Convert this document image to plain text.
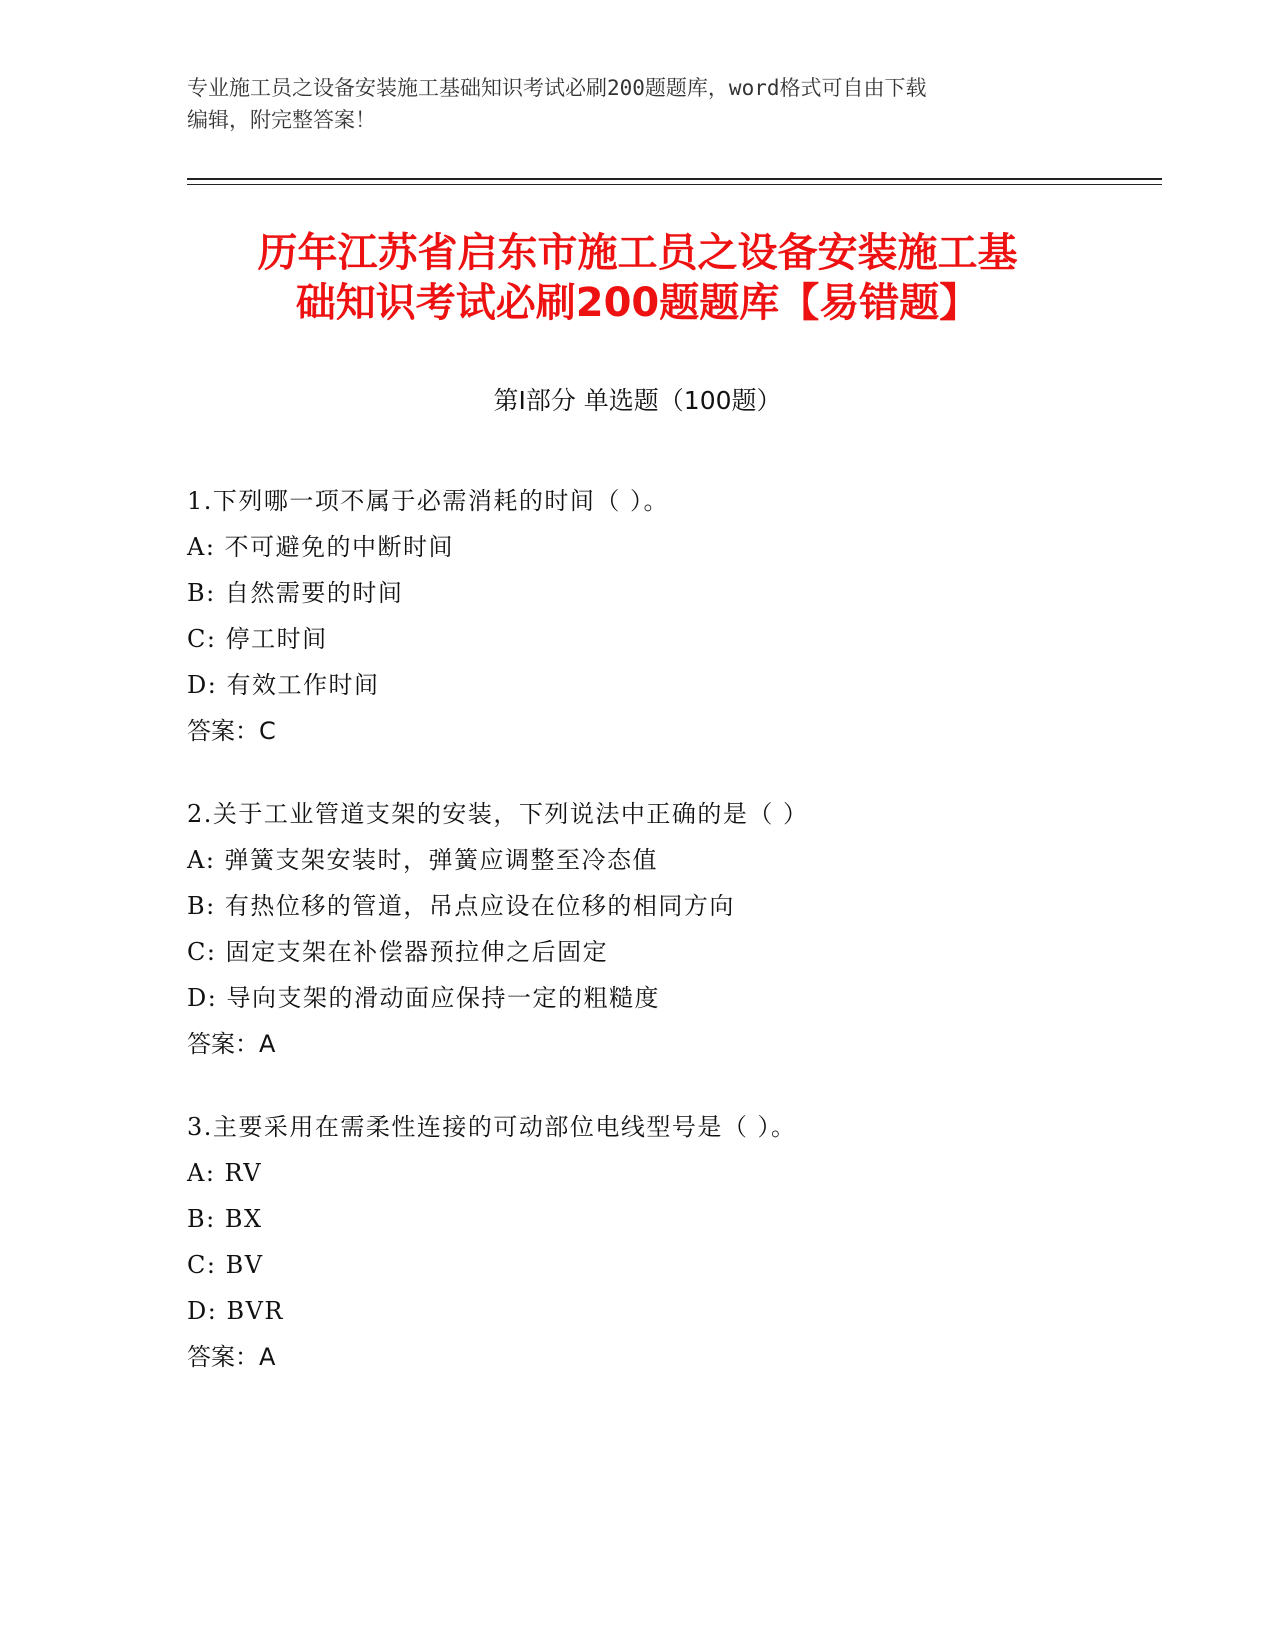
专业施工员之设备安装施工基础知识考试必刷200题题库，word格式可自由下载
编辑，附完整答案！
历年江苏省启东市施工员之设备安装施工基
础知识考试必刷200题题库【易错题】
第Ⅰ部分 单选题（100题）
1.下列哪一项不属于必需消耗的时间（ ）。
A: 不可避免的中断时间
B: 自然需要的时间
C: 停工时间
D: 有效工作时间
答案：C
2.关于工业管道支架的安装，下列说法中正确的是（ ）
A: 弹簧支架安装时，弹簧应调整至冷态值
B: 有热位移的管道，吊点应设在位移的相同方向
C: 固定支架在补偿器预拉伸之后固定
D: 导向支架的滑动面应保持一定的粗糙度
答案：A
3.主要采用在需柔性连接的可动部位电线型号是（ ）。
A: RV
B: BX
C: BV
D: BVR
答案：A
